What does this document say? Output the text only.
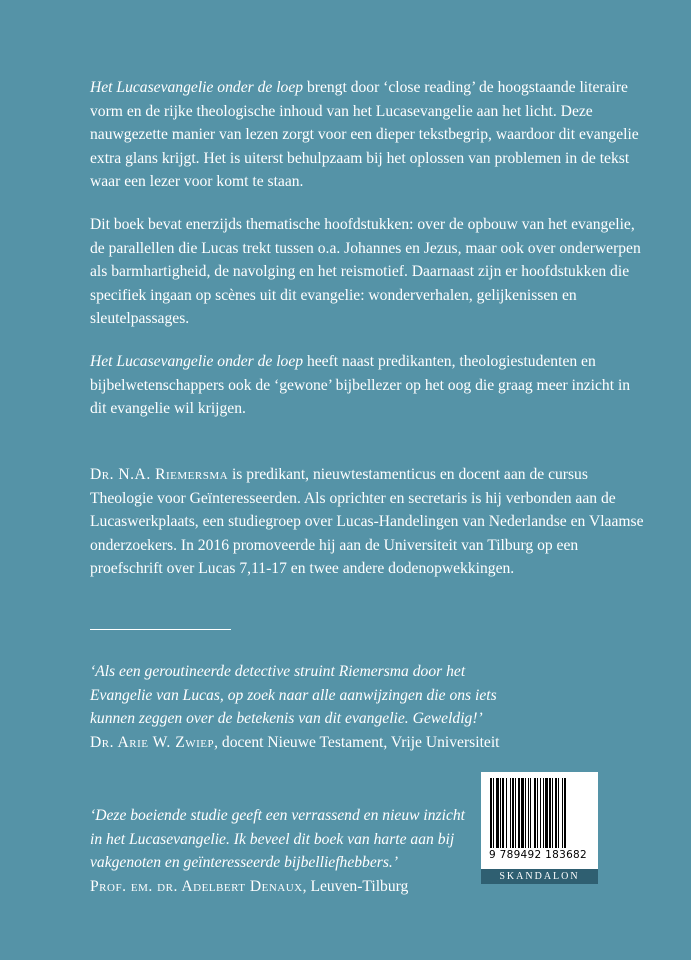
Het Lucasevangelie onder de loep brengt door ‘close reading’ de hoogstaande literaire vorm en de rijke theologische inhoud van het Lucasevangelie aan het licht. Deze nauwgezette manier van lezen zorgt voor een dieper tekstbegrip, waardoor dit evangelie extra glans krijgt. Het is uiterst behulpzaam bij het oplossen van problemen in de tekst waar een lezer voor komt te staan.

Dit boek bevat enerzijds thematische hoofdstukken: over de opbouw van het evangelie, de parallellen die Lucas trekt tussen o.a. Johannes en Jezus, maar ook over onderwerpen als barmhartigheid, de navolging en het reismotief. Daarnaast zijn er hoofdstukken die specifiek ingaan op scènes uit dit evangelie: wonderverhalen, gelijkenissen en sleutelpassages.

Het Lucasevangelie onder de loep heeft naast predikanten, theologiestudenten en bijbelwetenschappers ook de ‘gewone’ bijbellezer op het oog die graag meer inzicht in dit evangelie wil krijgen.

Dr. N.A. Riemersma is predikant, nieuwtestamenticus en docent aan de cursus Theologie voor Geïnteresseerden. Als oprichter en secretaris is hij verbonden aan de Lucaswerkplaats, een studiegroep over Lucas-Handelingen van Nederlandse en Vlaamse onderzoekers. In 2016 promoveerde hij aan de Universiteit van Tilburg op een proefschrift over Lucas 7,11-17 en twee andere dodenopwekkingen.

‘Als een geroutineerde detective struint Riemersma door het Evangelie van Lucas, op zoek naar alle aanwijzingen die ons iets kunnen zeggen over de betekenis van dit evangelie. Geweldig!’
Dr. Arie W. Zwiep, docent Nieuwe Testament, Vrije Universiteit
‘Deze boeiende studie geeft een verrassend en nieuw inzicht in het Lucasevangelie. Ik beveel dit boek van harte aan bij vakgenoten en geïnteresseerde bijbelliefhebbers.’
Prof. em. dr. Adelbert Denaux, Leuven-Tilburg
9 789492 183682
SKANDALON
